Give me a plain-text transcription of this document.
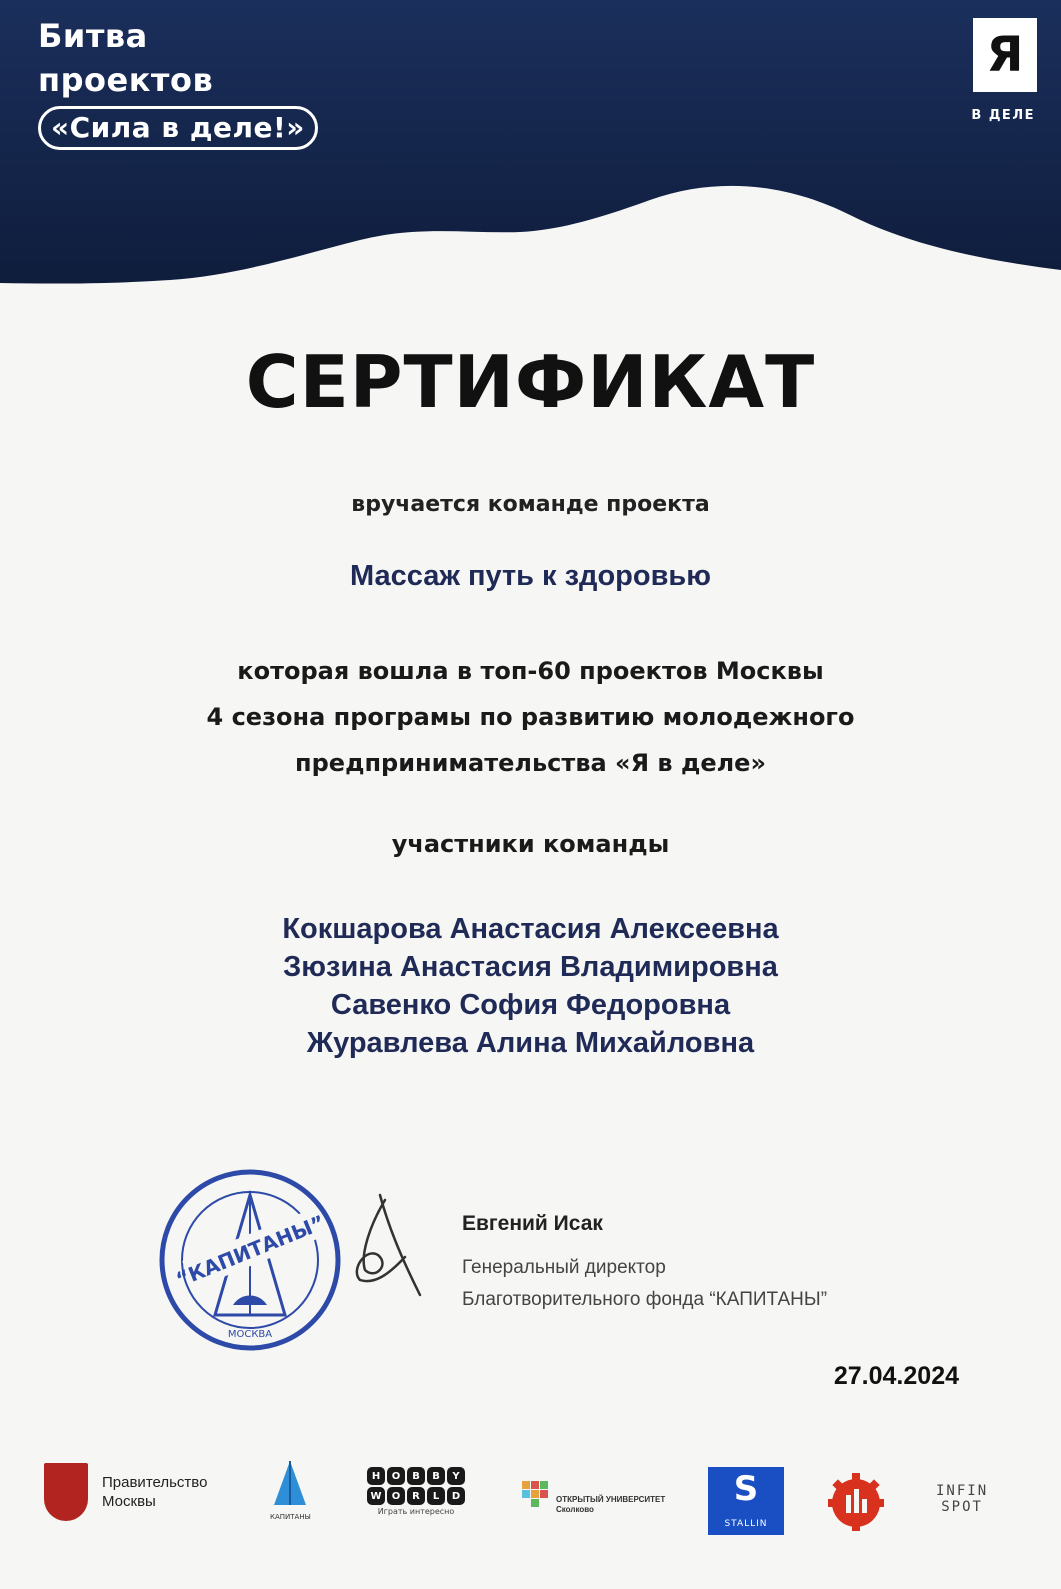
Битва
проектов
«Сила в деле!»
Я
В ДЕЛЕ
СЕРТИФИКАТ
вручается команде проекта
Массаж путь к здоровью
которая вошла в топ-60 проектов Москвы
4 сезона програмы по развитию молодежного
предпринимательства «Я в деле»
участники команды
Кокшарова Анастасия Алексеевна
Зюзина Анастасия Владимировна
Савенко София Федоровна
Журавлева Алина Михайловна
“КАПИТАНЫ”
МОСКВА
Евгений Исак
Генеральный директор
Благотворительного фонда “КАПИТАНЫ”
27.04.2024
Правительство
Москвы
КАПИТАНЫ
H	O	B	B	Y
W	O	R	L	D
Играть интересно
ОТКРЫТЫЙ УНИВЕРСИТЕТ
Сколково
S
STALLIN
INFIN
SPOT
